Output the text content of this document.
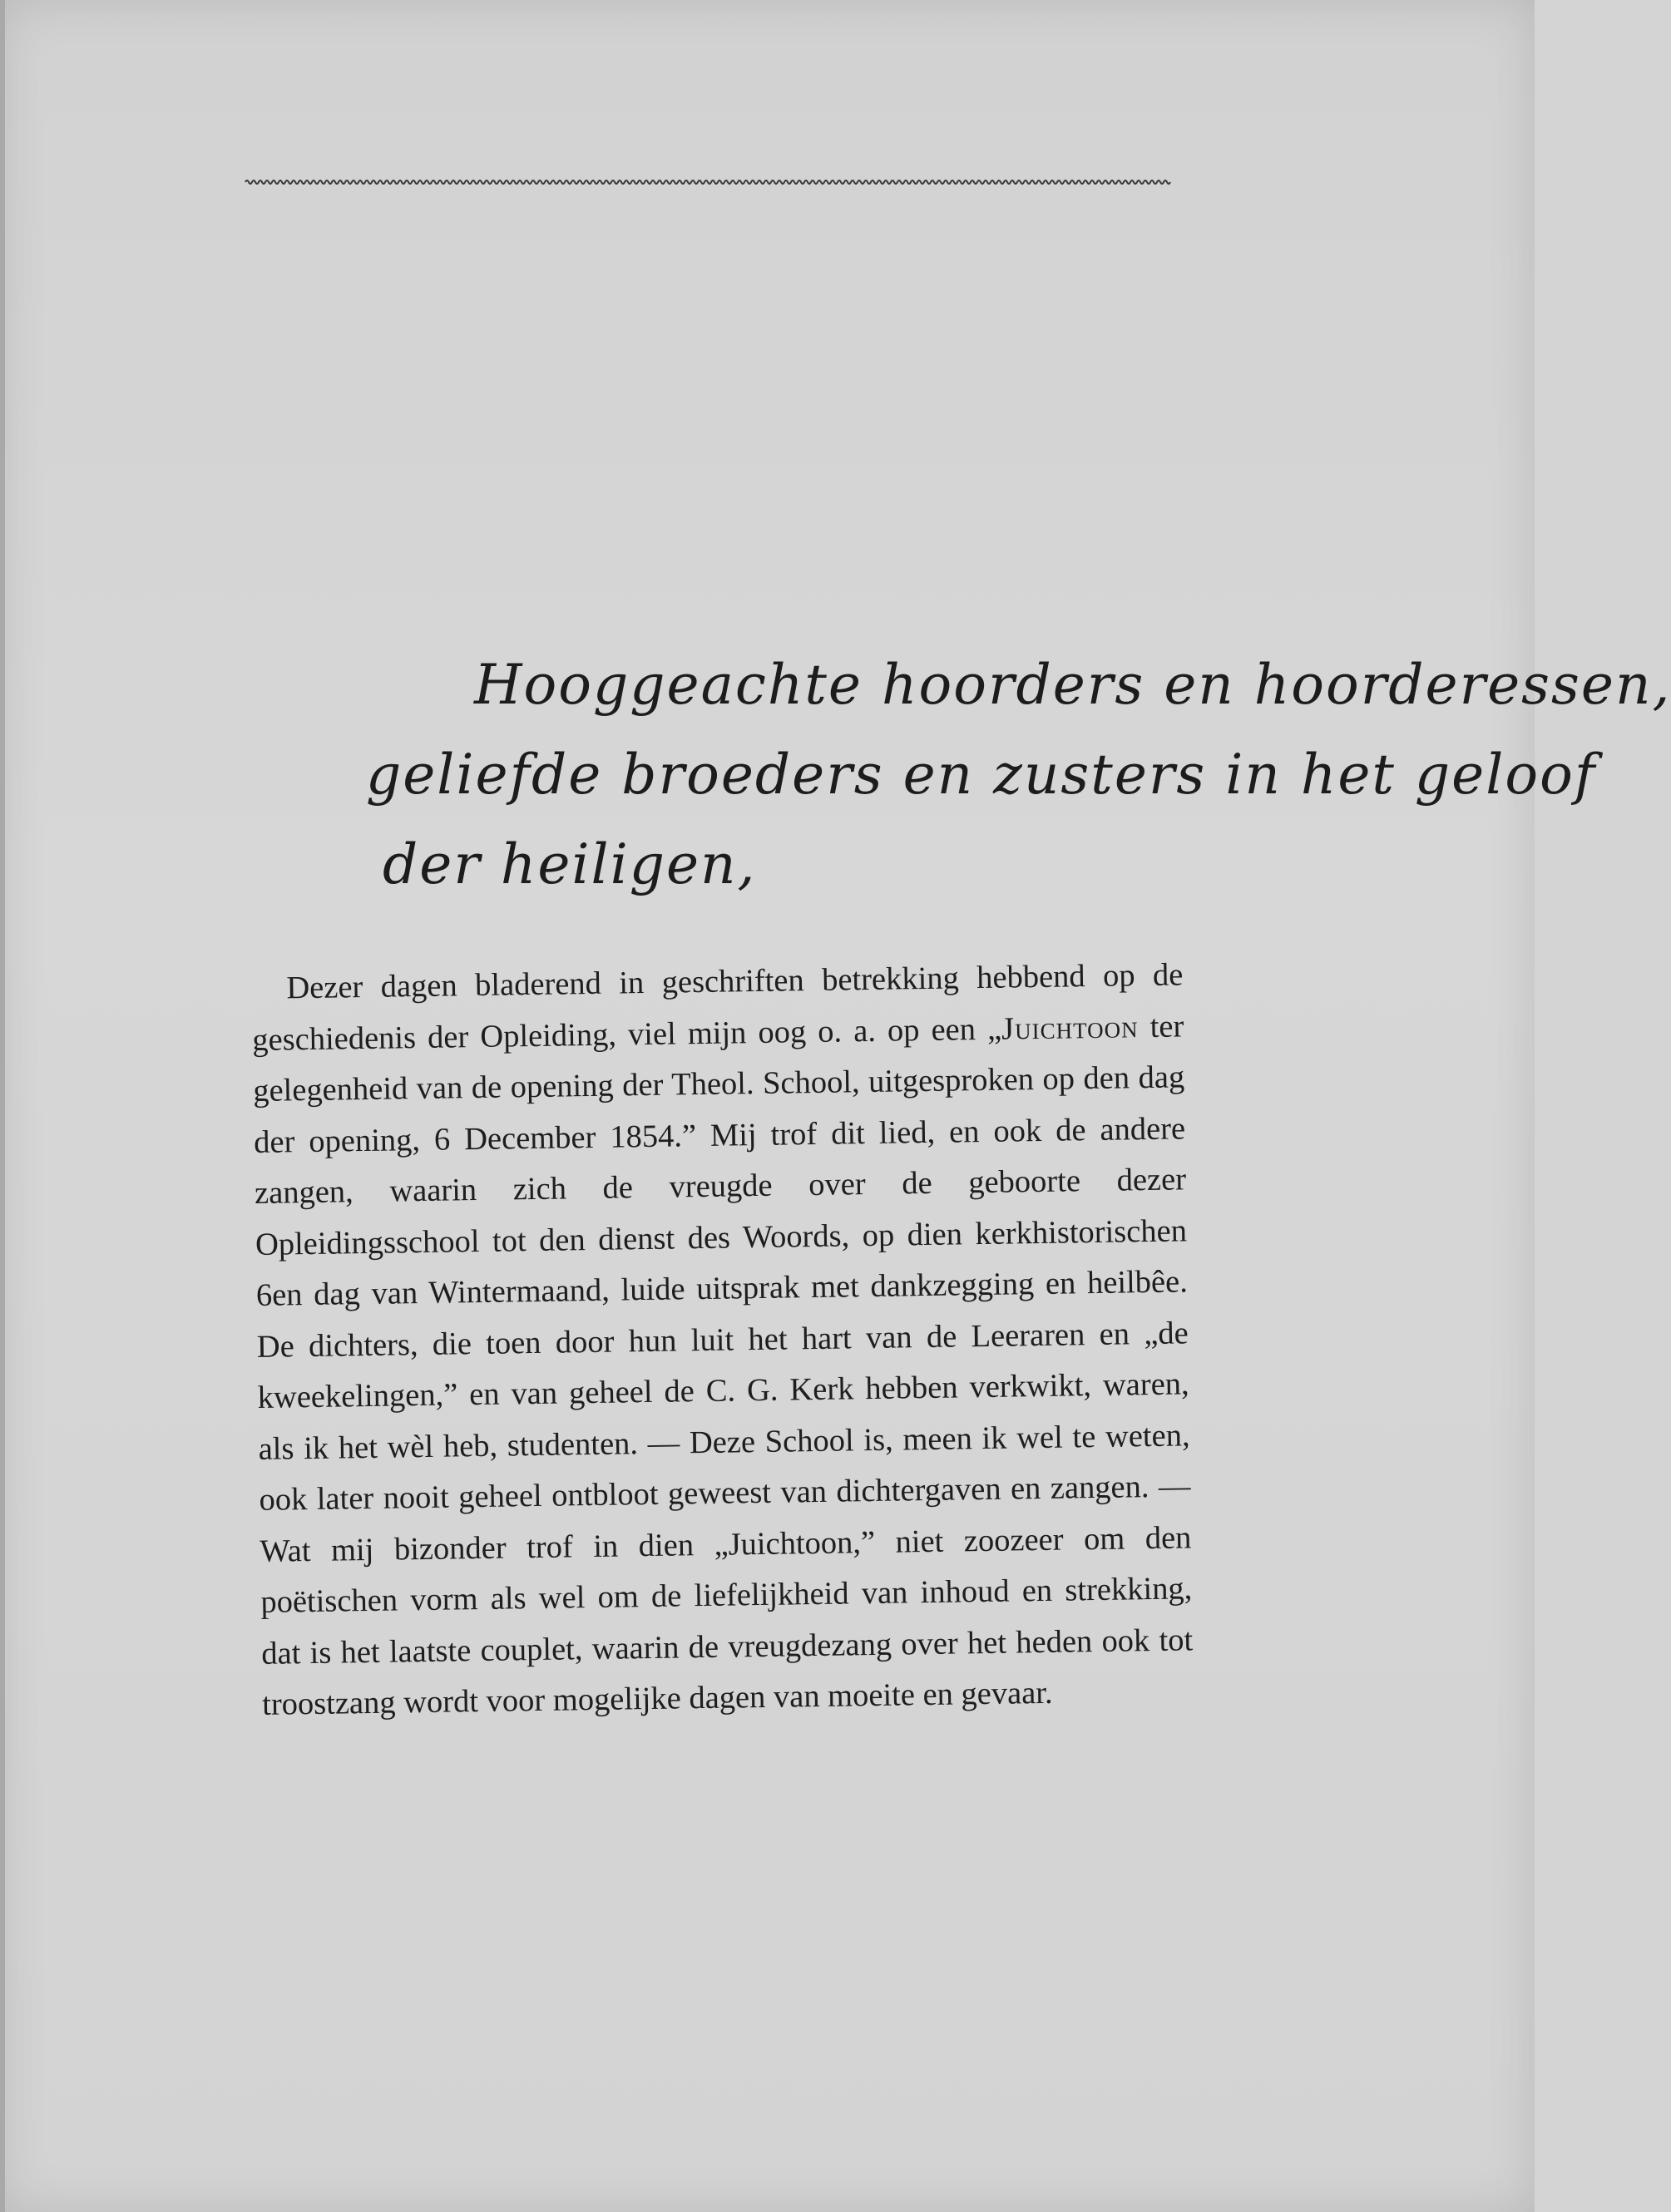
Hooggeachte hoorders en hoorderessen,
geliefde broeders en zusters in het geloof
der heiligen,

Dezer dagen bladerend in geschriften betrekking hebbend op de geschiedenis der Opleiding, viel mijn oog o. a. op een „Juichtoon ter gelegenheid van de opening der Theol. School, uitgesproken op den dag der opening, 6 December 1854.” Mij trof dit lied, en ook de andere zangen, waarin zich de vreugde over de geboorte dezer Opleidingsschool tot den dienst des Woords, op dien kerkhistorischen 6en dag van Wintermaand, luide uitsprak met dankzegging en heilbêe. De dichters, die toen door hun luit het hart van de Leeraren en „de kweekelingen,” en van geheel de C. G. Kerk hebben verkwikt, waren, als ik het wèl heb, studenten. — Deze School is, meen ik wel te weten, ook later nooit geheel ontbloot geweest van dichtergaven en zangen. — Wat mij bizonder trof in dien „Juichtoon,” niet zoozeer om den poëtischen vorm als wel om de liefelijkheid van inhoud en strekking, dat is het laatste couplet, waarin de vreugdezang over het heden ook tot troostzang wordt voor mogelijke dagen van moeite en gevaar.
